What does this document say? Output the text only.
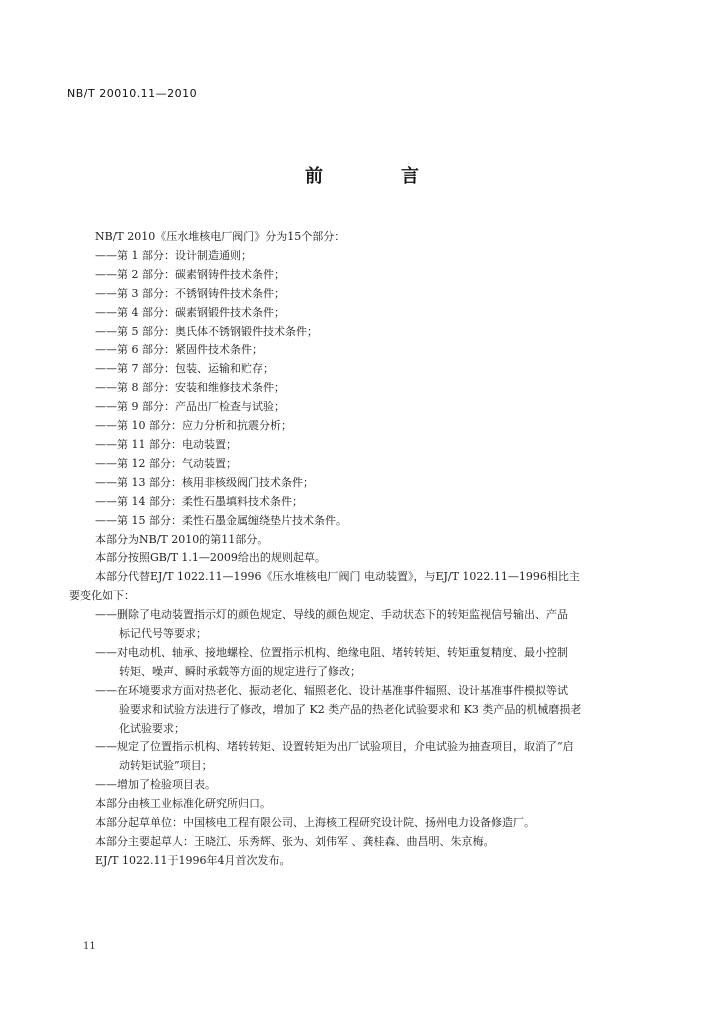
NB/T 20010.11—2010
前　言
NB/T 2010《压水堆核电厂阀门》分为15个部分：
——第 1 部分：设计制造通则；
——第 2 部分：碳素钢铸件技术条件；
——第 3 部分：不锈钢铸件技术条件；
——第 4 部分：碳素钢锻件技术条件；
——第 5 部分：奥氏体不锈钢锻件技术条件；
——第 6 部分：紧固件技术条件；
——第 7 部分：包装、运输和贮存；
——第 8 部分：安装和维修技术条件；
——第 9 部分：产品出厂检查与试验；
——第 10 部分：应力分析和抗震分析；
——第 11 部分：电动装置；
——第 12 部分：气动装置；
——第 13 部分：核用非核级阀门技术条件；
——第 14 部分：柔性石墨填料技术条件；
——第 15 部分：柔性石墨金属缠绕垫片技术条件。
本部分为NB/T 2010的第11部分。
本部分按照GB/T 1.1—2009给出的规则起草。
本部分代替EJ/T 1022.11—1996《压水堆核电厂阀门 电动装置》，与EJ/T 1022.11—1996相比主
要变化如下：
——删除了电动装置指示灯的颜色规定、导线的颜色规定、手动状态下的转矩监视信号输出、产品
标记代号等要求；
——对电动机、轴承、接地螺栓、位置指示机构、绝缘电阻、堵转转矩、转矩重复精度、最小控制
转矩、噪声、瞬时承载等方面的规定进行了修改；
——在环境要求方面对热老化、振动老化、辐照老化、设计基准事件辐照、设计基准事件模拟等试
验要求和试验方法进行了修改，增加了 K2 类产品的热老化试验要求和 K3 类产品的机械磨损老
化试验要求；
——规定了位置指示机构、堵转转矩、设置转矩为出厂试验项目，介电试验为抽查项目，取消了“启
动转矩试验”项目；
——增加了检验项目表。
本部分由核工业标准化研究所归口。
本部分起草单位：中国核电工程有限公司、上海核工程研究设计院、扬州电力设备修造厂。
本部分主要起草人：王晓江、乐秀辉、张为、刘伟军 、龚桂森、曲昌明、朱京梅。
EJ/T 1022.11于1996年4月首次发布。
11
